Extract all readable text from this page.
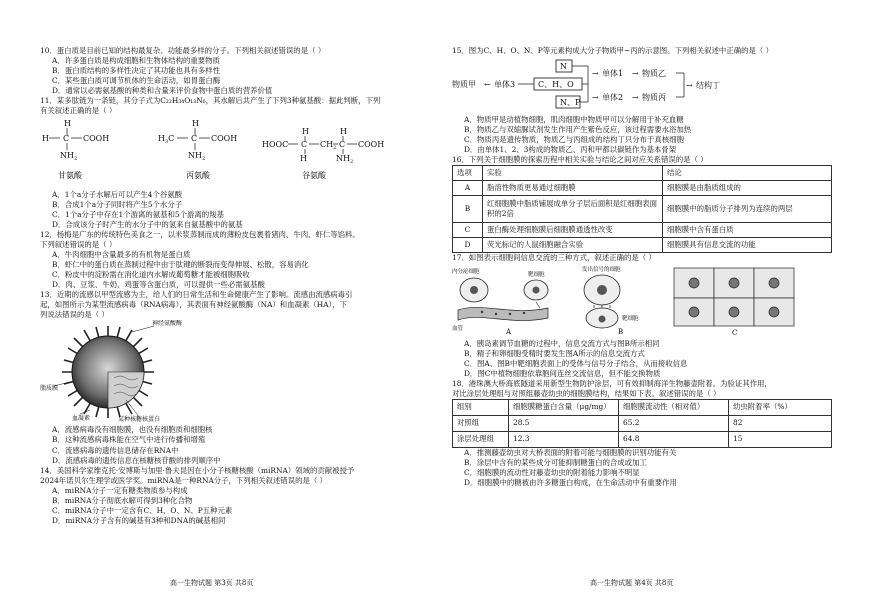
10．蛋白质是目前已知的结构最复杂、功能最多样的分子。下列相关叙述错误的是（ ）

A．许多蛋白质是构成细胞和生物体结构的重要物质

B．蛋白质结构的多样性决定了其功能也具有多样性

C．某些蛋白质可调节机体的生命活动，如胃蛋白酶

D．通常以必需氨基酸的种类和含量来评价食物中蛋白质的营养价值

11．某多肽链为一条链，其分子式为C₂₂H₃₄O₁₃N₆，其水解后共产生了下列3种氨基酸：据此判断，下列

有关叙述正确的是（ ）

H
H C COOH
$NH_2$
H
$H_3C$ C COOH
$NH_2$
H	H
HOOC C $CH_2$ C COOH
H	$NH_2$
甘氨酸	丙氨酸	谷氨酸

A．1个a分子水解后可以产生4个谷氨酸

B．合成1个a分子同时将产生5个水分子

C．1个a分子中存在1个游离的氨基和5个游离的羧基

D．合成该分子时产生的水分子中的氢来自氨基酸中的氨基

12．杨梅是广东的传统特色美食之一，以米浆蒸制而成的薄粉皮包裹着猪肉、牛肉、虾仁等馅料。

下列叙述错误的是（ ）

A．牛肉细胞中含量最多的有机物是蛋白质

B．虾仁中的蛋白质在蒸制过程中由于肽键的断裂而变得伸展、松散，容易消化

C．粉皮中的淀粉需在消化道内水解成葡萄糖才能被细胞吸收

D．肉、豆浆、牛奶、鸡蛋等含蛋白质，可以提供一些必需氨基酸

13．近期的流感以甲型流感为主，给人们的日常生活和生命健康产生了影响。流感由流感病毒引

起，如图所示为某型流感病毒（RNA病毒），其表面有神经氨酸酶（NA）和血凝素（HA），下

列说法错误的是（ ）

神经氨酸酶
脂质膜
血凝素	某种核糖核蛋白

A．流感病毒没有细胞膜，也没有细胞质和细胞核

B．这种流感病毒株能在空气中进行传播和增殖

C．流感病毒的遗传信息储存在RNA中

D．流感病毒的遗传信息在核糖核苷酸的排列顺序中

14．美国科学家维克托·安博斯与加里·鲁夫昆因在小分子核糖核酸（miRNA）领域的贡献被授予

2024年诺贝尔生理学或医学奖。miRNA是一种RNA分子，下列相关叙述错误的是（ ）

A．miRNA分子一定有糖类物质参与构成

B．miRNA分子彻底水解可得到3种化合物

C．miRNA分子中一定含有C、H、O、N、P五种元素

D．miRNA分子含有的碱基有3种和DNA的碱基相同

高一生物试题 第3页 共8页

15．图为C、H、O、N、P等元素构成大分子物质甲~丙的示意图。下列相关叙述中正确的是（ ）

N
C、H、O
N、P
物质甲 ← 单体3
→ 单体1 → 物质乙
→ 单体2 → 物质丙
→ 结构丁

A．物质甲是动植物细胞，肌肉细胞中物质甲可以分解用于补充血糖

B．物质乙与双缩脲试剂发生作用产生紫色反应，该过程需要水浴加热

C．物质丙是遗传物质，物质乙与丙组成的结构丁只分布于真核细胞

D．由单体1、2、3构成的物质乙、丙和甲都以碳链作为基本骨架

16．下列关于细胞膜的探索历程中相关实验与结论之间对应关系错误的是（ ）

选项	实验	结论
A	脂溶性物质更易通过细胞膜	细胞膜是由脂质组成的
B	红细胞膜中脂质铺展成单分子层后面积是红细胞表面积的2倍	细胞膜中的脂质分子排列为连续的两层
C	蛋白酶处理细胞膜后细胞膜通透性改变	细胞膜中含有蛋白质
D	荧光标记的人鼠细胞融合实验	细胞膜具有信息交流的功能

17．如图表示细胞间信息交流的三种方式，叙述正确的是（ ）

内分泌细胞	靶细胞
血管	A
发出信号的细胞
靶细胞
B	C

A．胰岛素调节血糖的过程中，信息交流方式与图B所示相同

B．精子和卵细胞受精时要发生图A所示的信息交流方式

C．图A、图B中靶细胞表面上的受体与信号分子结合，从而接收信息

D．图C中植物细胞依靠胞间连丝交流信息，但不能交换物质

18．港珠澳大桥海底隧道采用新型生物防护涂层，可有效抑制海洋生物藤壶附着。为验证其作用，

对比涂层处理组与对照组藤壶幼虫的细胞膜结构，结果如下表。叙述错误的是（ ）

组别	细胞膜糖蛋白含量（μg/mg）	细胞膜流动性（相对值）	幼虫附着率（%）
对照组	28.5	65.2	82
涂层处理组	12.3	64.8	15

A．推测藤壶幼虫对大桥表面的附着可能与细胞膜的识别功能有关

B．涂层中含有的某些成分可能抑制糖蛋白的合成或加工

C．细胞膜的流动性对藤壶幼虫的附着能力影响不明显

D．细胞膜中的糖被由许多糖蛋白构成，在生命活动中有重要作用

高一生物试题 第4页 共8页
